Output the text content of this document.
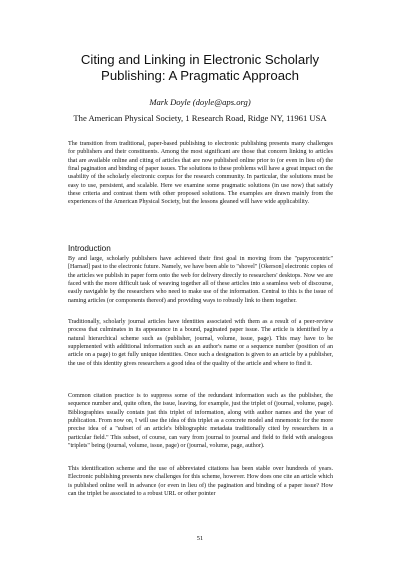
Citing and Linking in Electronic Scholarly
Publishing: A Pragmatic Approach

Mark Doyle (doyle@aps.org)

The American Physical Society, 1 Research Road, Ridge NY, 11961 USA

The transition from traditional, paper-based publishing to electronic publishing presents many challenges for publishers and their constituents. Among the most significant are those that concern linking to articles that are available online and citing of articles that are now published online prior to (or even in lieu of) the final pagination and binding of paper issues. The solutions to these problems will have a great impact on the usability of the scholarly electronic corpus for the research community. In particular, the solutions must be easy to use, persistent, and scalable. Here we examine some pragmatic solutions (in use now) that satisfy these criteria and contrast them with other proposed solutions. The examples are drawn mainly from the experiences of the American Physical Society, but the lessons gleaned will have wide applicability.

Introduction

By and large, scholarly publishers have achieved their first goal in moving from the "papyrocentric" [Harnad] past to the electronic future. Namely, we have been able to "shovel" [Okerson] electronic copies of the articles we publish in paper form onto the web for delivery directly to researchers' desktops. Now we are faced with the more difficult task of weaving together all of these articles into a seamless web of discourse, easily navigable by the researchers who need to make use of the information. Central to this is the issue of naming articles (or components thereof) and providing ways to robustly link to them together.

Traditionally, scholarly journal articles have identities associated with them as a result of a peer-review process that culminates in its appearance in a bound, paginated paper issue. The article is identified by a natural hierarchical scheme such as (publisher, journal, volume, issue, page). This may have to be supplemented with additional information such as an author's name or a sequence number (position of an article on a page) to get fully unique identities. Once such a designation is given to an article by a publisher, the use of this identity gives researchers a good idea of the quality of the article and where to find it.

Common citation practice is to suppress some of the redundant information such as the publisher, the sequence number and, quite often, the issue, leaving, for example, just the triplet of (journal, volume, page). Bibliographies usually contain just this triplet of information, along with author names and the year of publication. From now on, I will use the idea of this triplet as a concrete model and mnemonic for the more precise idea of a "subset of an article's bibliographic metadata traditionally cited by researchers in a particular field." This subset, of course, can vary from journal to journal and field to field with analogous "triplets" being (journal, volume, issue, page) or (journal, volume, page, author).

This identification scheme and the use of abbreviated citations has been stable over hundreds of years. Electronic publishing presents new challenges for this scheme, however. How does one cite an article which is published online well in advance (or even in lieu of) the pagination and binding of a paper issue? How can the triplet be associated to a robust URL or other pointer

51
